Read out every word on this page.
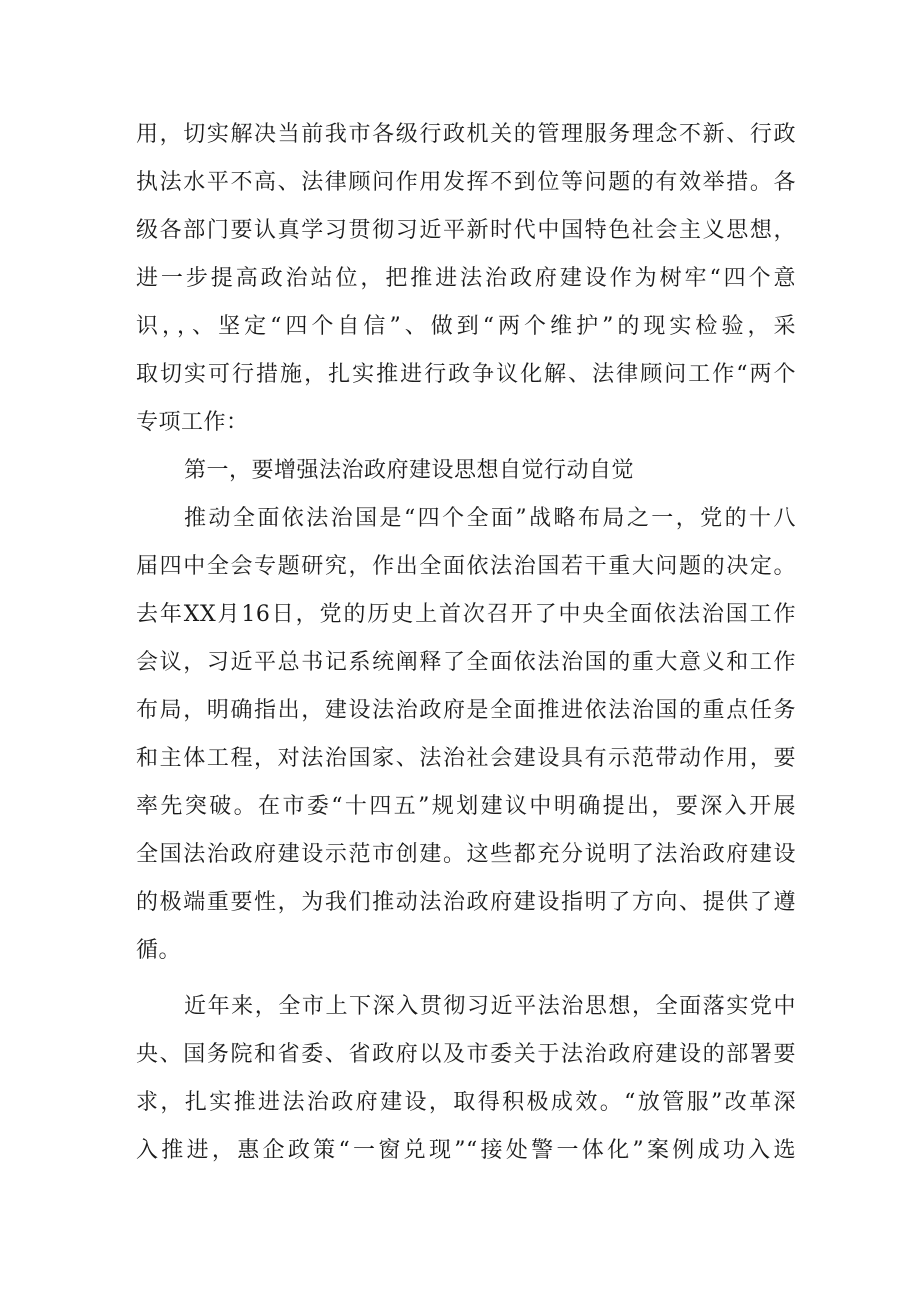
用，切实解决当前我市各级行政机关的管理服务理念不新、行政
执法水平不高、法律顾问作用发挥不到位等问题的有效举措。各
级各部门要认真学习贯彻习近平新时代中国特色社会主义思想，
进一步提高政治站位，把推进法治政府建设作为树牢“四个意
识，，、坚定“四个自信”、做到“两个维护”的现实检验，采
取切实可行措施，扎实推进行政争议化解、法律顾问工作“两个
专项工作：
第一，要增强法治政府建设思想自觉行动自觉
推动全面依法治国是“四个全面”战略布局之一，党的十八
届四中全会专题研究，作出全面依法治国若干重大问题的决定。
去年XX月16日，党的历史上首次召开了中央全面依法治国工作
会议，习近平总书记系统阐释了全面依法治国的重大意义和工作
布局，明确指出，建设法治政府是全面推进依法治国的重点任务
和主体工程，对法治国家、法治社会建设具有示范带动作用，要
率先突破。在市委“十四五”规划建议中明确提出，要深入开展
全国法治政府建设示范市创建。这些都充分说明了法治政府建设
的极端重要性，为我们推动法治政府建设指明了方向、提供了遵
循。
近年来，全市上下深入贯彻习近平法治思想，全面落实党中
央、国务院和省委、省政府以及市委关于法治政府建设的部署要
求，扎实推进法治政府建设，取得积极成效。“放管服”改革深
入推进，惠企政策“一窗兑现”“接处警一体化”案例成功入选
